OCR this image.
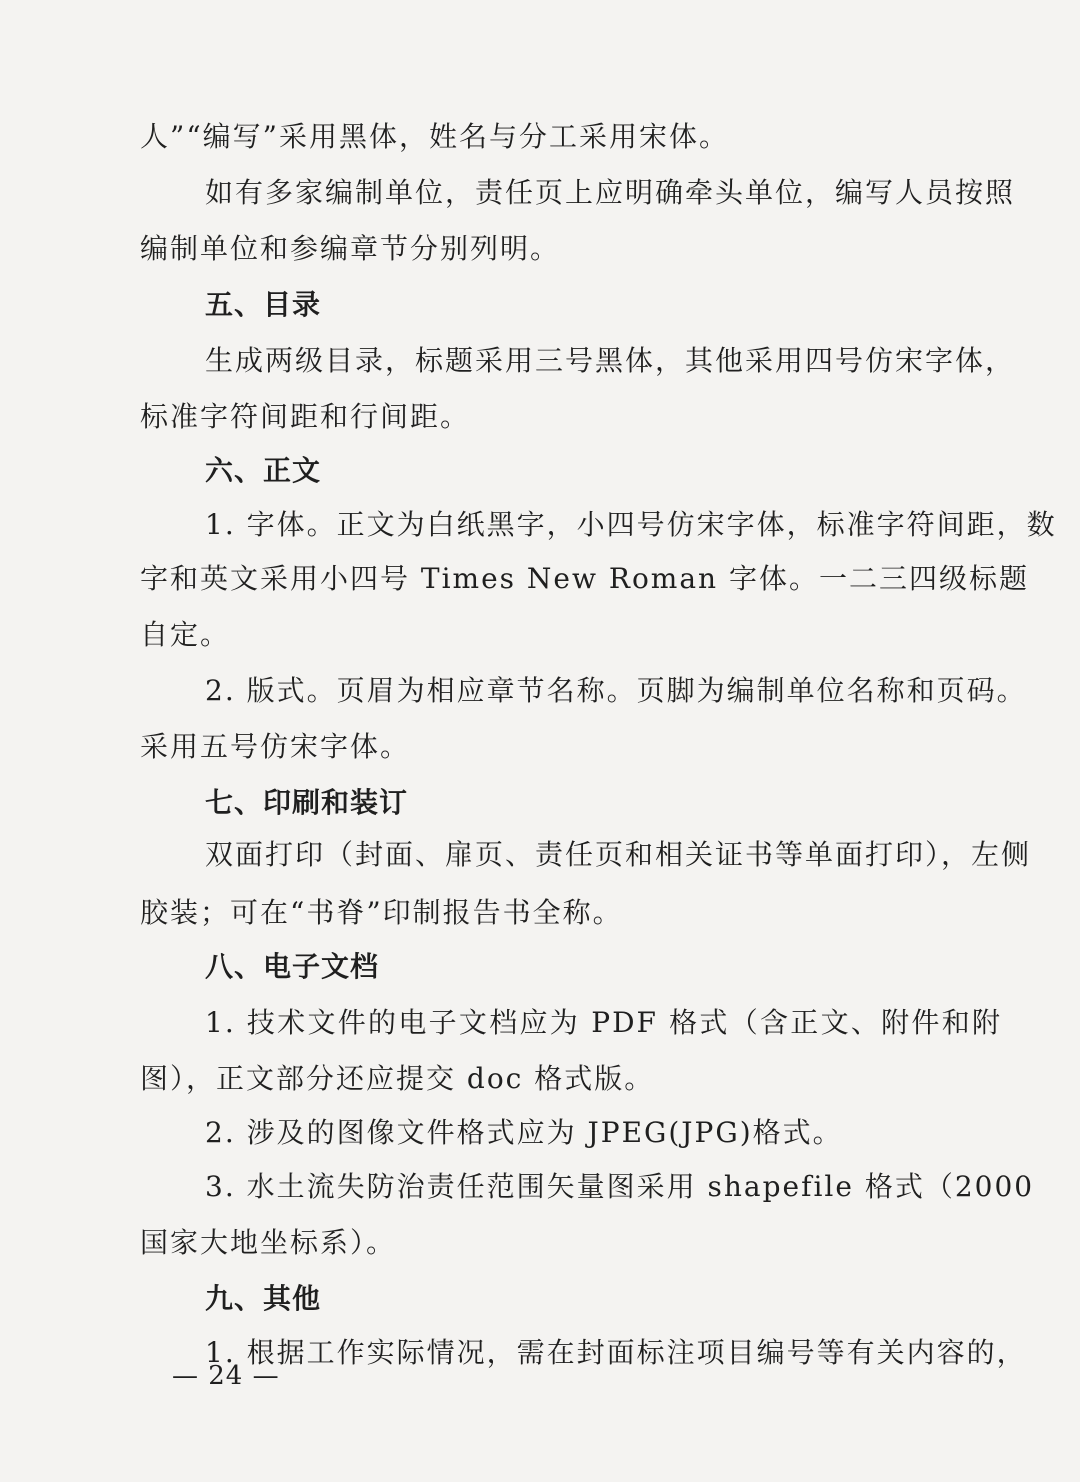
人”“编写”采用黑体，姓名与分工采用宋体。

如有多家编制单位，责任页上应明确牵头单位，编写人员按照

编制单位和参编章节分别列明。

五、目录

生成两级目录，标题采用三号黑体，其他采用四号仿宋字体，

标准字符间距和行间距。

六、正文

1. 字体。正文为白纸黑字，小四号仿宋字体，标准字符间距，数

字和英文采用小四号 Times New Roman 字体。一二三四级标题

自定。

2. 版式。页眉为相应章节名称。页脚为编制单位名称和页码。

采用五号仿宋字体。

七、印刷和装订

双面打印（封面、扉页、责任页和相关证书等单面打印），左侧

胶装；可在“书脊”印制报告书全称。

八、电子文档

1. 技术文件的电子文档应为 PDF 格式（含正文、附件和附

图），正文部分还应提交 doc 格式版。

2. 涉及的图像文件格式应为 JPEG(JPG)格式。

3. 水土流失防治责任范围矢量图采用 shapefile 格式（2000

国家大地坐标系）。

九、其他

1. 根据工作实际情况，需在封面标注项目编号等有关内容的，

— 24 —
